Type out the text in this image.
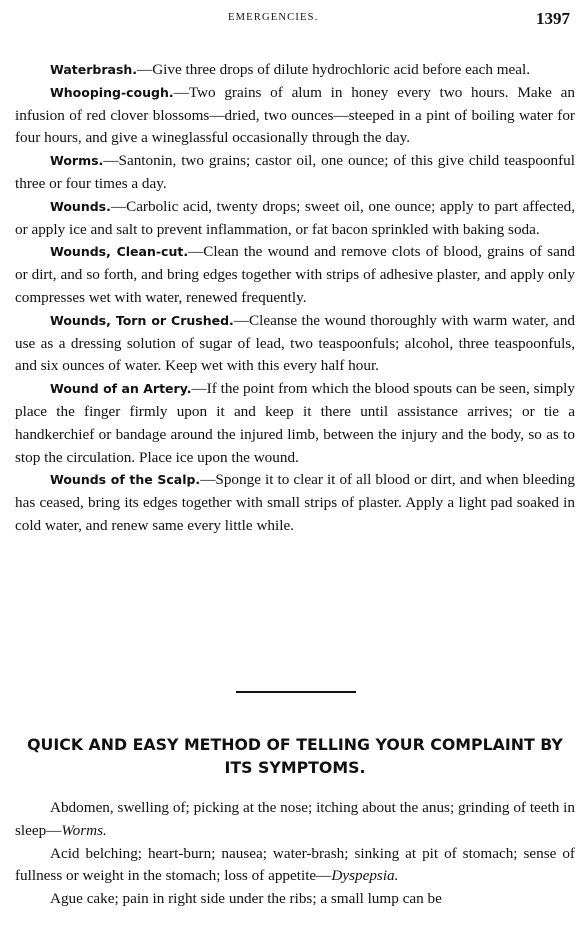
EMERGENCIES.	1397

Waterbrash.—Give three drops of dilute hydrochloric acid before each meal.

Whooping-cough.—Two grains of alum in honey every two hours. Make an infusion of red clover blossoms—dried, two ounces—steeped in a pint of boiling water for four hours, and give a wineglassful occasionally through the day.

Worms.—Santonin, two grains; castor oil, one ounce; of this give child teaspoonful three or four times a day.

Wounds.—Carbolic acid, twenty drops; sweet oil, one ounce; apply to part affected, or apply ice and salt to prevent inflammation, or fat bacon sprinkled with baking soda.

Wounds, Clean-cut.—Clean the wound and remove clots of blood, grains of sand or dirt, and so forth, and bring edges together with strips of adhesive plaster, and apply only compresses wet with water, renewed frequently.

Wounds, Torn or Crushed.—Cleanse the wound thoroughly with warm water, and use as a dressing solution of sugar of lead, two teaspoonfuls; alcohol, three teaspoonfuls, and six ounces of water. Keep wet with this every half hour.

Wound of an Artery.—If the point from which the blood spouts can be seen, simply place the finger firmly upon it and keep it there until assistance arrives; or tie a handkerchief or bandage around the injured limb, between the injury and the body, so as to stop the circulation. Place ice upon the wound.

Wounds of the Scalp.—Sponge it to clear it of all blood or dirt, and when bleeding has ceased, bring its edges together with small strips of plaster. Apply a light pad soaked in cold water, and renew same every little while.

QUICK AND EASY METHOD OF TELLING YOUR COMPLAINT BY ITS SYMPTOMS.

Abdomen, swelling of; picking at the nose; itching about the anus; grinding of teeth in sleep—Worms.

Acid belching; heart-burn; nausea; water-brash; sinking at pit of stomach; sense of fullness or weight in the stomach; loss of appetite—Dyspepsia.

Ague cake; pain in right side under the ribs; a small lump can be
